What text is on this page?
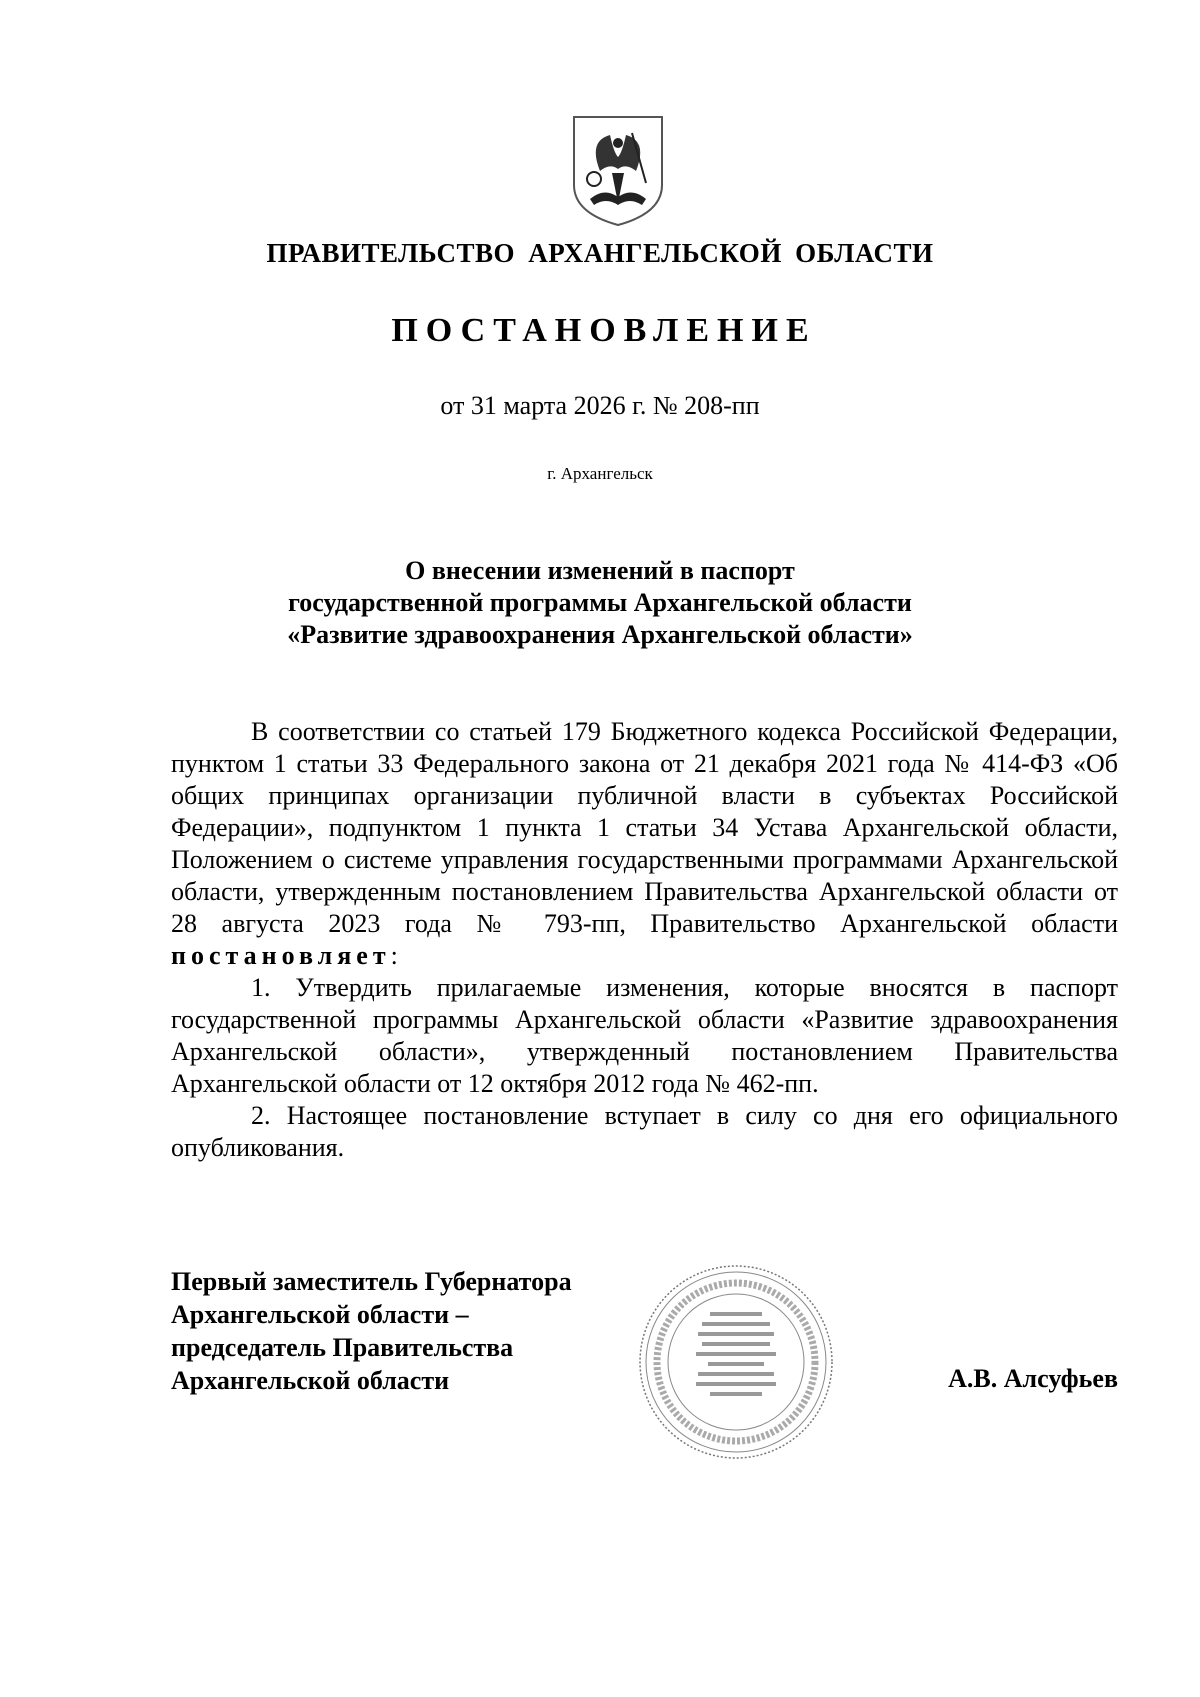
ПРАВИТЕЛЬСТВО АРХАНГЕЛЬСКОЙ ОБЛАСТИ
ПОСТАНОВЛЕНИЕ
от 31 марта 2026 г. № 208-пп
г. Архангельск
О внесении изменений в паспорт
государственной программы Архангельской области
«Развитие здравоохранения Архангельской области»

В соответствии со статьей 179 Бюджетного кодекса Российской Федерации, пунктом 1 статьи 33 Федерального закона от 21 декабря 2021 года № 414-ФЗ «Об общих принципах организации публичной власти в субъектах Российской Федерации», подпунктом 1 пункта 1 статьи 34 Устава Архангельской области, Положением о системе управления государственными программами Архангельской области, утвержденным постановлением Правительства Архангельской области от 28 августа 2023 года № 793-пп, Правительство Архангельской области постановляет:

1. Утвердить прилагаемые изменения, которые вносятся в паспорт государственной программы Архангельской области «Развитие здравоохранения Архангельской области», утвержденный постановлением Правительства Архангельской области от 12 октября 2012 года № 462-пп.

2. Настоящее постановление вступает в силу со дня его официального опубликования.

Первый заместитель Губернатора
Архангельской области –
председатель Правительства
Архангельской области	А.В. Алсуфьев
